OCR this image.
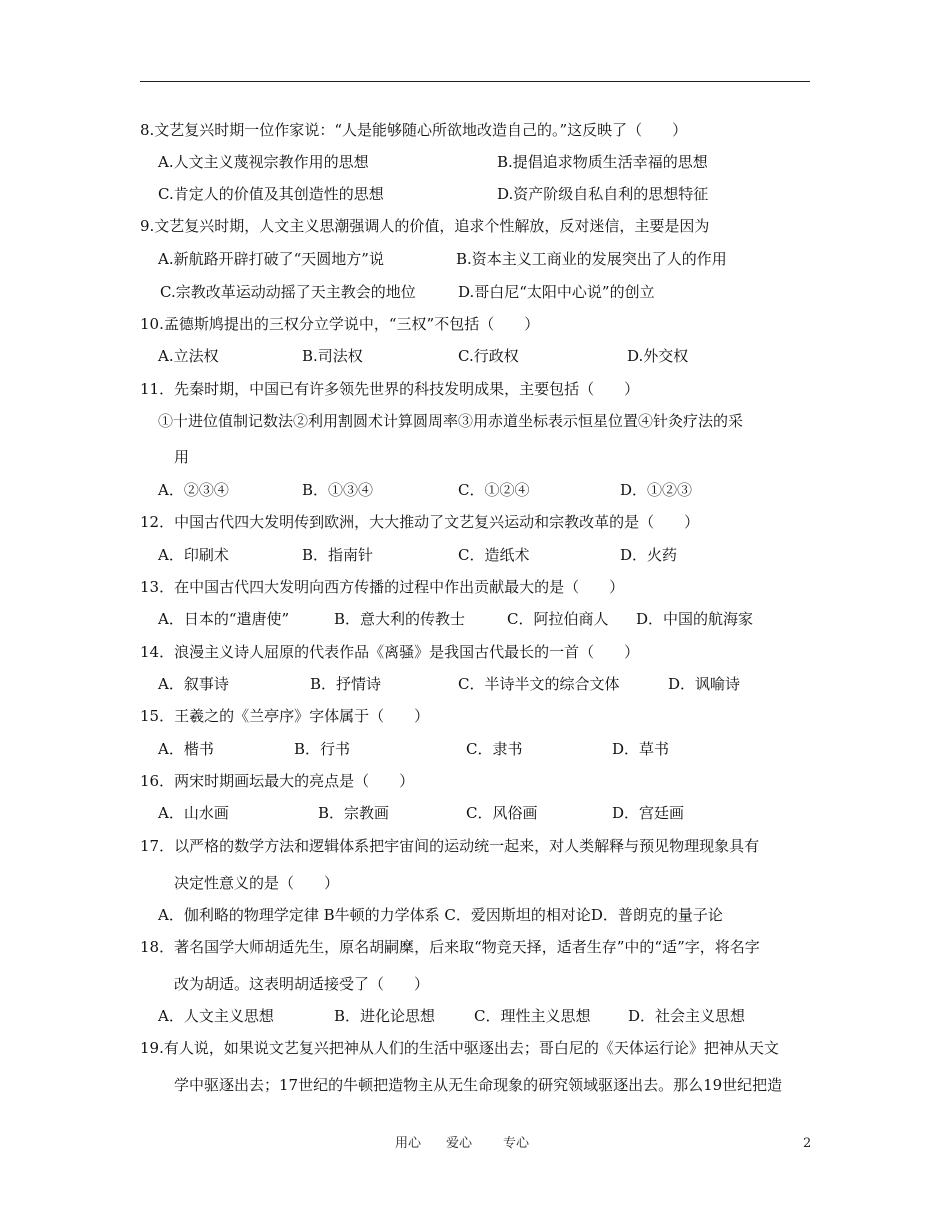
8.文艺复兴时期一位作家说：“人是能够随心所欲地改造自己的。”这反映了（　　）
A.人文主义蔑视宗教作用的思想	B.提倡追求物质生活幸福的思想
C.肯定人的价值及其创造性的思想	D.资产阶级自私自利的思想特征
9.文艺复兴时期，人文主义思潮强调人的价值，追求个性解放，反对迷信，主要是因为
A.新航路开辟打破了“天圆地方”说	B.资本主义工商业的发展突出了人的作用
C.宗教改革运动动摇了天主教会的地位	D.哥白尼“太阳中心说”的创立
10.孟德斯鸠提出的三权分立学说中，“三权”不包括（　　）
A.立法权	B.司法权	C.行政权	D.外交权
11．先秦时期，中国已有许多领先世界的科技发明成果，主要包括（　　）
①十进位值制记数法②利用割圆术计算圆周率③用赤道坐标表示恒星位置④针灸疗法的采
用
A．②③④	B．①③④	C．①②④	D．①②③
12．中国古代四大发明传到欧洲，大大推动了文艺复兴运动和宗教改革的是（　　）
A．印刷术	B．指南针	C．造纸术	D．火药
13．在中国古代四大发明向西方传播的过程中作出贡献最大的是（　　）
A．日本的“遣唐使”	B．意大利的传教士	C．阿拉伯商人 D．中国的航海家
14．浪漫主义诗人屈原的代表作品《离骚》是我国古代最长的一首（　　）
A．叙事诗	B．抒情诗	C．半诗半文的综合文体	D．讽喻诗
15．王羲之的《兰亭序》字体属于（　　）
A．楷书	B．行书	C．隶书	D．草书
16．两宋时期画坛最大的亮点是（　　）
A．山水画	B．宗教画	C．风俗画	D．宫廷画
17．以严格的数学方法和逻辑体系把宇宙间的运动统一起来，对人类解释与预见物理现象具有
决定性意义的是（　　）
A．伽利略的物理学定律 B牛顿的力学体系 C．爱因斯坦的相对论D．普朗克的量子论
18．著名国学大师胡适先生，原名胡嗣穈，后来取“物竞天择，适者生存”中的“适”字，将名字
改为胡适。这表明胡适接受了（　　）
A．人文主义思想	B．进化论思想	C．理性主义思想	D．社会主义思想
19.有人说，如果说文艺复兴把神从人们的生活中驱逐出去；哥白尼的《天体运行论》把神从天文
学中驱逐出去；17世纪的牛顿把造物主从无生命现象的研究领域驱逐出去。那么19世纪把造
用心 爱心 专心	2
